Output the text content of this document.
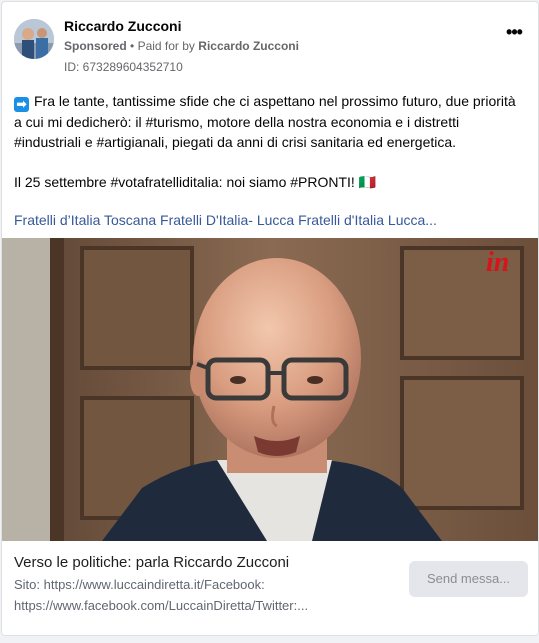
Riccardo Zucconi
Sponsored • Paid for by Riccardo Zucconi
ID: 673289604352710
•••

➡ Fra le tante, tantissime sfide che ci aspettano nel prossimo futuro, due priorità a cui mi dedicherò: il #turismo, motore della nostra economia e i distretti #industriali e #artigianali, piegati da anni di crisi sanitaria ed energetica.

Il 25 settembre #votafratelliditalia: noi siamo #PRONTI! 🇮🇹

Fratelli d’Italia Toscana Fratelli D'Italia- Lucca Fratelli d'Italia Lucca...
in
Verso le politiche: parla Riccardo Zucconi
Sito: https://www.luccaindiretta.it/Facebook:
https://www.facebook.com/LuccainDiretta/Twitter:...
Send messa...
